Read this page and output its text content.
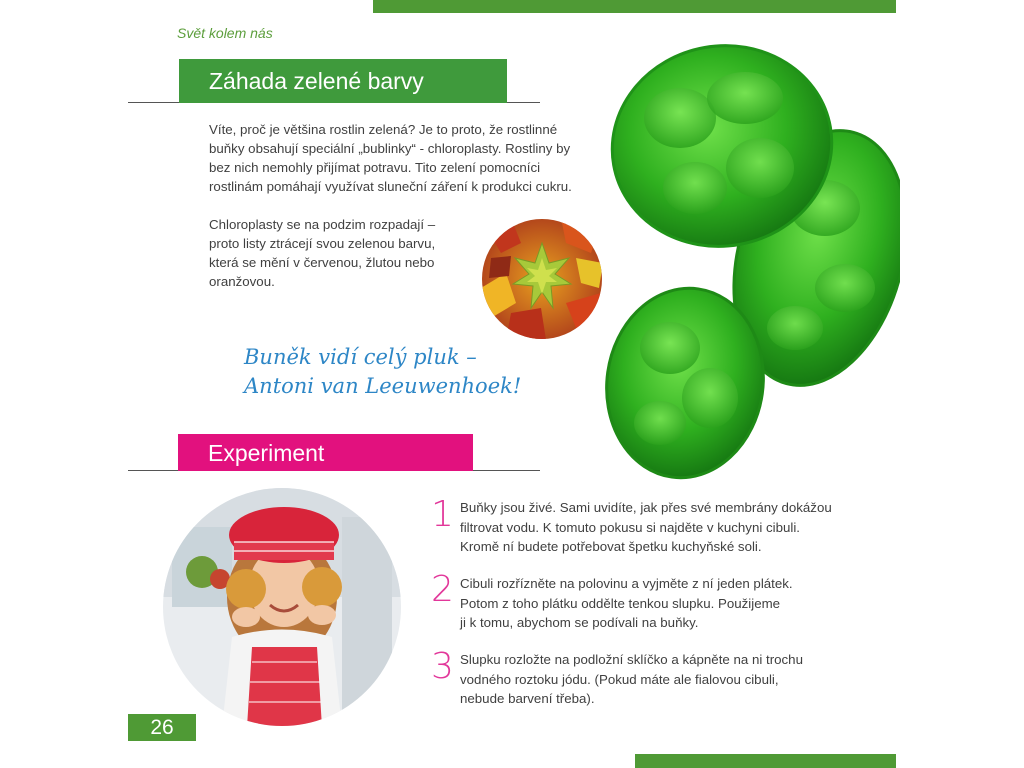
Svět kolem nás
Záhada zelené barvy

Víte, proč je většina rostlin zelená? Je to proto, že rostlinné

buňky obsahují speciální „bublinky“ - chloroplasty. Rostliny by

bez nich nemohly přijímat potravu. Tito zelení pomocníci

rostlinám pomáhají využívat sluneční záření k produkci cukru.

Chloroplasty se na podzim rozpadají –

proto listy ztrácejí svou zelenou barvu,

která se mění v červenou, žlutou nebo

oranžovou.

Buněk vidí celý pluk –
Antoni van Leeuwenhoek!
Experiment
1 Buňky jsou živé. Sami uvidíte, jak přes své membrány dokážou

filtrovat vodu. K tomuto pokusu si najděte v kuchyni cibuli.

Kromě ní budete potřebovat špetku kuchyňské soli.

2 Cibuli rozřízněte na polovinu a vyjměte z ní jeden plátek.

Potom z toho plátku oddělte tenkou slupku. Použijeme

ji k tomu, abychom se podívali na buňky.

3 Slupku rozložte na podložní sklíčko a kápněte na ni trochu

vodného roztoku jódu. (Pokud máte ale fialovou cibuli,

nebude barvení třeba).

26
